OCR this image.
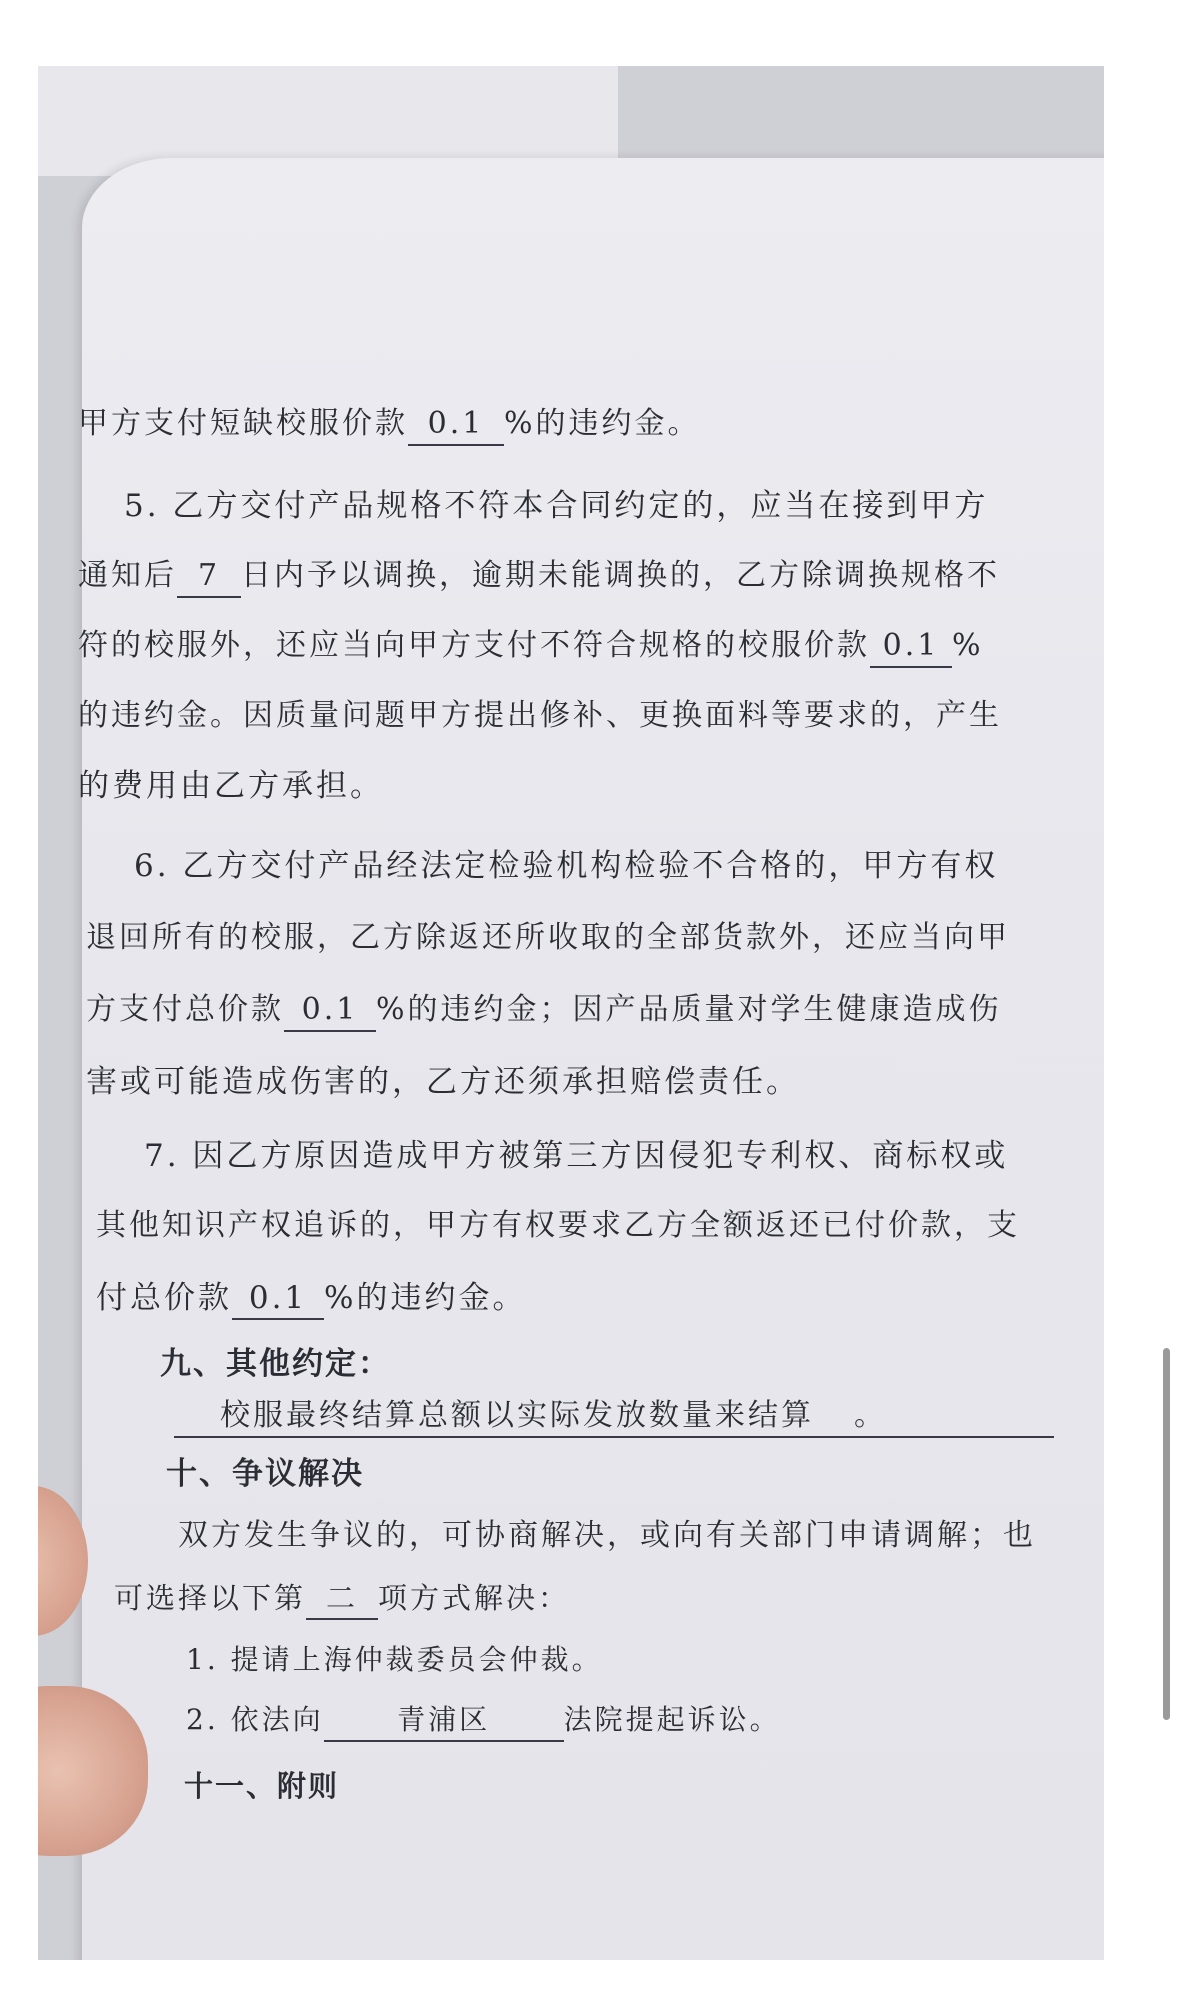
甲方支付短缺校服价款 0.1 %的违约金。
5. 乙方交付产品规格不符本合同约定的，应当在接到甲方
通知后 7 日内予以调换，逾期未能调换的，乙方除调换规格不
符的校服外，还应当向甲方支付不符合规格的校服价款 0.1 %
的违约金。因质量问题甲方提出修补、更换面料等要求的，产生
的费用由乙方承担。
6. 乙方交付产品经法定检验机构检验不合格的，甲方有权
退回所有的校服，乙方除返还所收取的全部货款外，还应当向甲
方支付总价款 0.1 %的违约金；因产品质量对学生健康造成伤
害或可能造成伤害的，乙方还须承担赔偿责任。
7. 因乙方原因造成甲方被第三方因侵犯专利权、商标权或
其他知识产权追诉的，甲方有权要求乙方全额返还已付价款，支
付总价款 0.1 %的违约金。
九、其他约定：
校服最终结算总额以实际发放数量来结算 。
十、争议解决
双方发生争议的，可协商解决，或向有关部门申请调解；也
可选择以下第 二 项方式解决：
1. 提请上海仲裁委员会仲裁。
2. 依法向	青浦区	法院提起诉讼。
十一、附则
